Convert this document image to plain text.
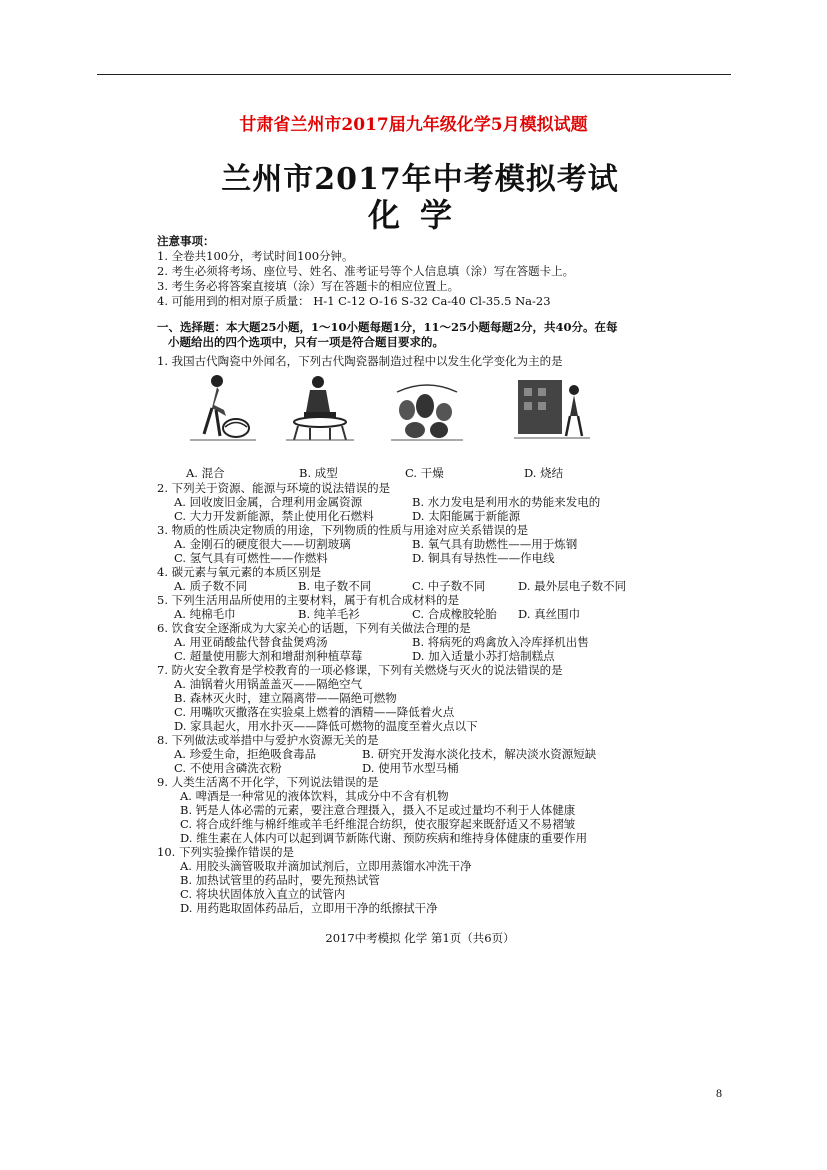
甘肃省兰州市2017届九年级化学5月模拟试题
兰州市2017年中考模拟考试
化学
注意事项：
1. 全卷共100分，考试时间100分钟。
2. 考生必须将考场、座位号、姓名、准考证号等个人信息填（涂）写在答题卡上。
3. 考生务必将答案直接填（涂）写在答题卡的相应位置上。
4. 可能用到的相对原子质量： H-1 C-12 O-16 S-32 Ca-40 Cl-35.5 Na-23
一、选择题：本大题25小题，1～10小题每题1分，11～25小题每题2分，共40分。在每
小题给出的四个选项中，只有一项是符合题目要求的。
1. 我国古代陶瓷中外闻名，下列古代陶瓷器制造过程中以发生化学变化为主的是
A. 混合	B. 成型	C. 干燥	D. 烧结
2. 下列关于资源、能源与环境的说法错误的是
A. 回收废旧金属，合理利用金属资源	B. 水力发电是利用水的势能来发电的
C. 大力开发新能源，禁止使用化石燃料	D. 太阳能属于新能源
3. 物质的性质决定物质的用途，下列物质的性质与用途对应关系错误的是
A. 金刚石的硬度很大——切割玻璃	B. 氧气具有助燃性——用于炼钢
C. 氢气具有可燃性——作燃料	D. 铜具有导热性——作电线
4. 碳元素与氧元素的本质区别是
A. 质子数不同	B. 电子数不同	C. 中子数不同	D. 最外层电子数不同
5. 下列生活用品所使用的主要材料，属于有机合成材料的是
A. 纯棉毛巾	B. 纯羊毛衫	C. 合成橡胶轮胎 D. 真丝围巾
6. 饮食安全逐渐成为大家关心的话题，下列有关做法合理的是
A. 用亚硝酸盐代替食盐煲鸡汤	B. 将病死的鸡禽放入冷库择机出售
C. 超量使用膨大剂和增甜剂种植草莓	D. 加入适量小苏打焙制糕点
7. 防火安全教育是学校教育的一项必修课，下列有关燃烧与灭火的说法错误的是
A. 油锅着火用锅盖盖灭——隔绝空气
B. 森林灭火时，建立隔离带——隔绝可燃物
C. 用嘴吹灭撒落在实验桌上燃着的酒精——降低着火点
D. 家具起火，用水扑灭——降低可燃物的温度至着火点以下
8. 下列做法或举措中与爱护水资源无关的是
A. 珍爱生命，拒绝吸食毒品	B. 研究开发海水淡化技术，解决淡水资源短缺
C. 不使用含磷洗衣粉	D. 使用节水型马桶
9. 人类生活离不开化学，下列说法错误的是
A. 啤酒是一种常见的液体饮料，其成分中不含有机物
B. 钙是人体必需的元素，要注意合理摄入，摄入不足或过量均不利于人体健康
C. 将合成纤维与棉纤维或羊毛纤维混合纺织，使衣服穿起来既舒适又不易褶皱
D. 维生素在人体内可以起到调节新陈代谢、预防疾病和维持身体健康的重要作用
10. 下列实验操作错误的是
A. 用胶头滴管吸取并滴加试剂后，立即用蒸馏水冲洗干净
B. 加热试管里的药品时，要先预热试管
C. 将块状固体放入直立的试管内
D. 用药匙取固体药品后，立即用干净的纸擦拭干净
2017中考模拟 化学 第1页（共6页）
8
